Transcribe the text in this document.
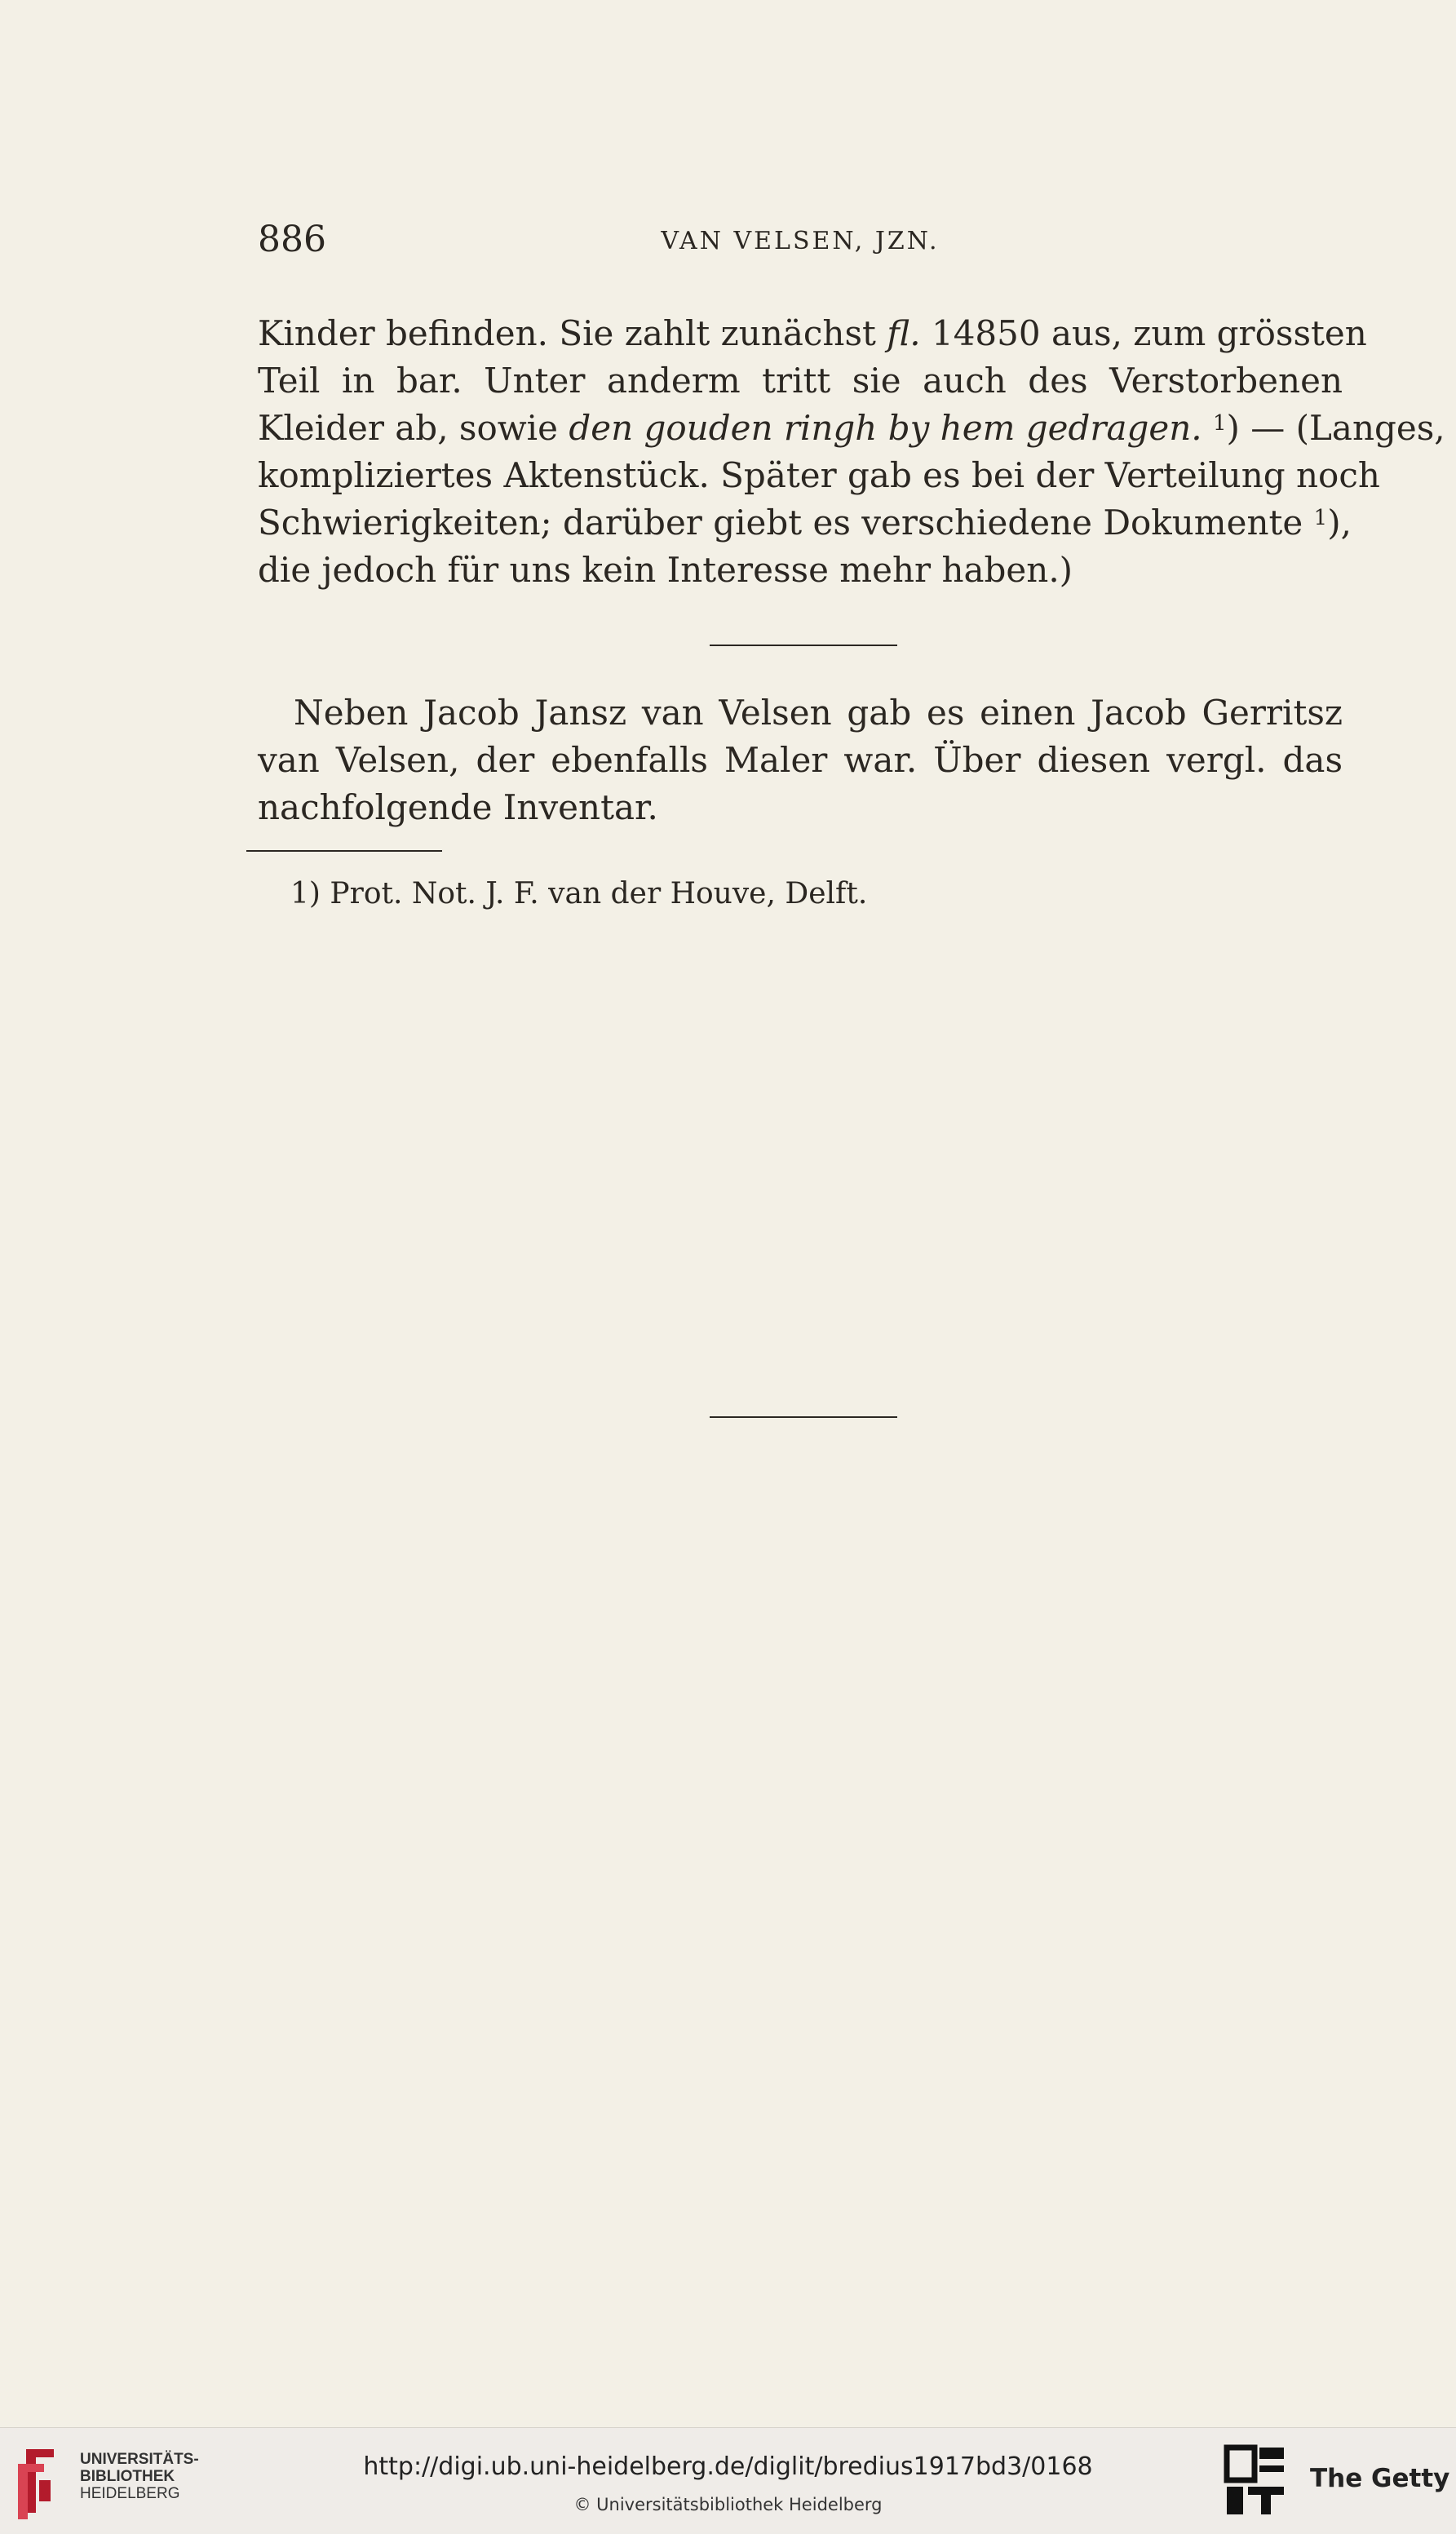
886	VAN VELSEN, JZN.
Kinder befinden. Sie zahlt zunächst fl. 14850 aus, zum grössten
Teil in bar. Unter anderm tritt sie auch des Verstorbenen
Kleider ab, sowie den gouden ringh by hem gedragen. $^1$) — (Langes,
kompliziertes Aktenstück. Später gab es bei der Verteilung noch
Schwierigkeiten; darüber giebt es verschiedene Dokumente $^1$),
die jedoch für uns kein Interesse mehr haben.)
Neben Jacob Jansz van Velsen gab es einen Jacob Gerritsz
van Velsen, der ebenfalls Maler war. Über diesen vergl. das
nachfolgende Inventar.
1) Prot. Not. J. F. van der Houve, Delft.
UNIVERSITÄTS-
BIBLIOTHEK
HEIDELBERG
http://digi.ub.uni-heidelberg.de/diglit/bredius1917bd3/0168
© Universitätsbibliothek Heidelberg
The Getty
